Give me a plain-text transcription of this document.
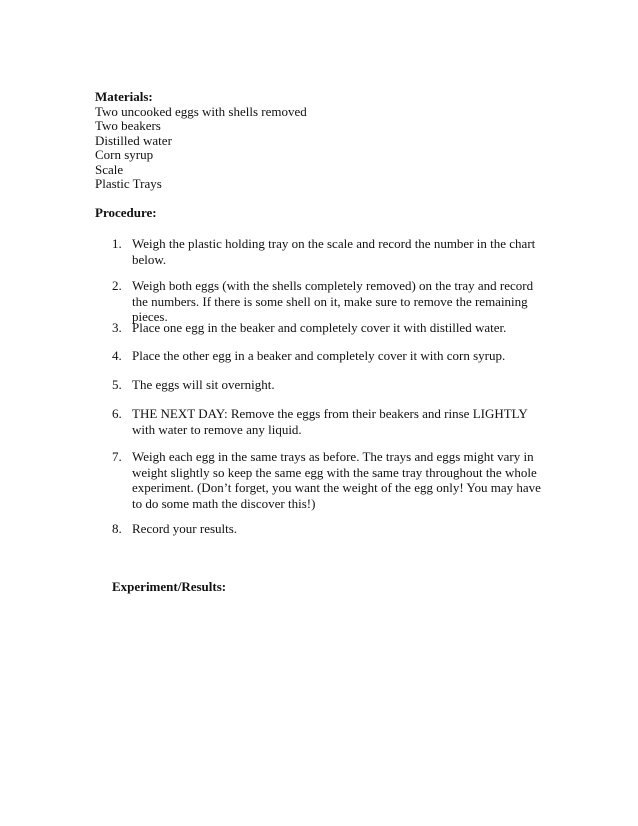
Materials:
Two uncooked eggs with shells removed
Two beakers
Distilled water
Corn syrup
Scale
Plastic Trays
Procedure:
1. Weigh the plastic holding tray on the scale and record the number in the chart below.
2. Weigh both eggs (with the shells completely removed) on the tray and record the numbers. If there is some shell on it, make sure to remove the remaining pieces.
3. Place one egg in the beaker and completely cover it with distilled water.
4. Place the other egg in a beaker and completely cover it with corn syrup.
5. The eggs will sit overnight.
6. THE NEXT DAY: Remove the eggs from their beakers and rinse LIGHTLY with water to remove any liquid.
7. Weigh each egg in the same trays as before. The trays and eggs might vary in weight slightly so keep the same egg with the same tray throughout the whole experiment. (Don’t forget, you want the weight of the egg only! You may have to do some math the discover this!)
8. Record your results.
Experiment/Results:
